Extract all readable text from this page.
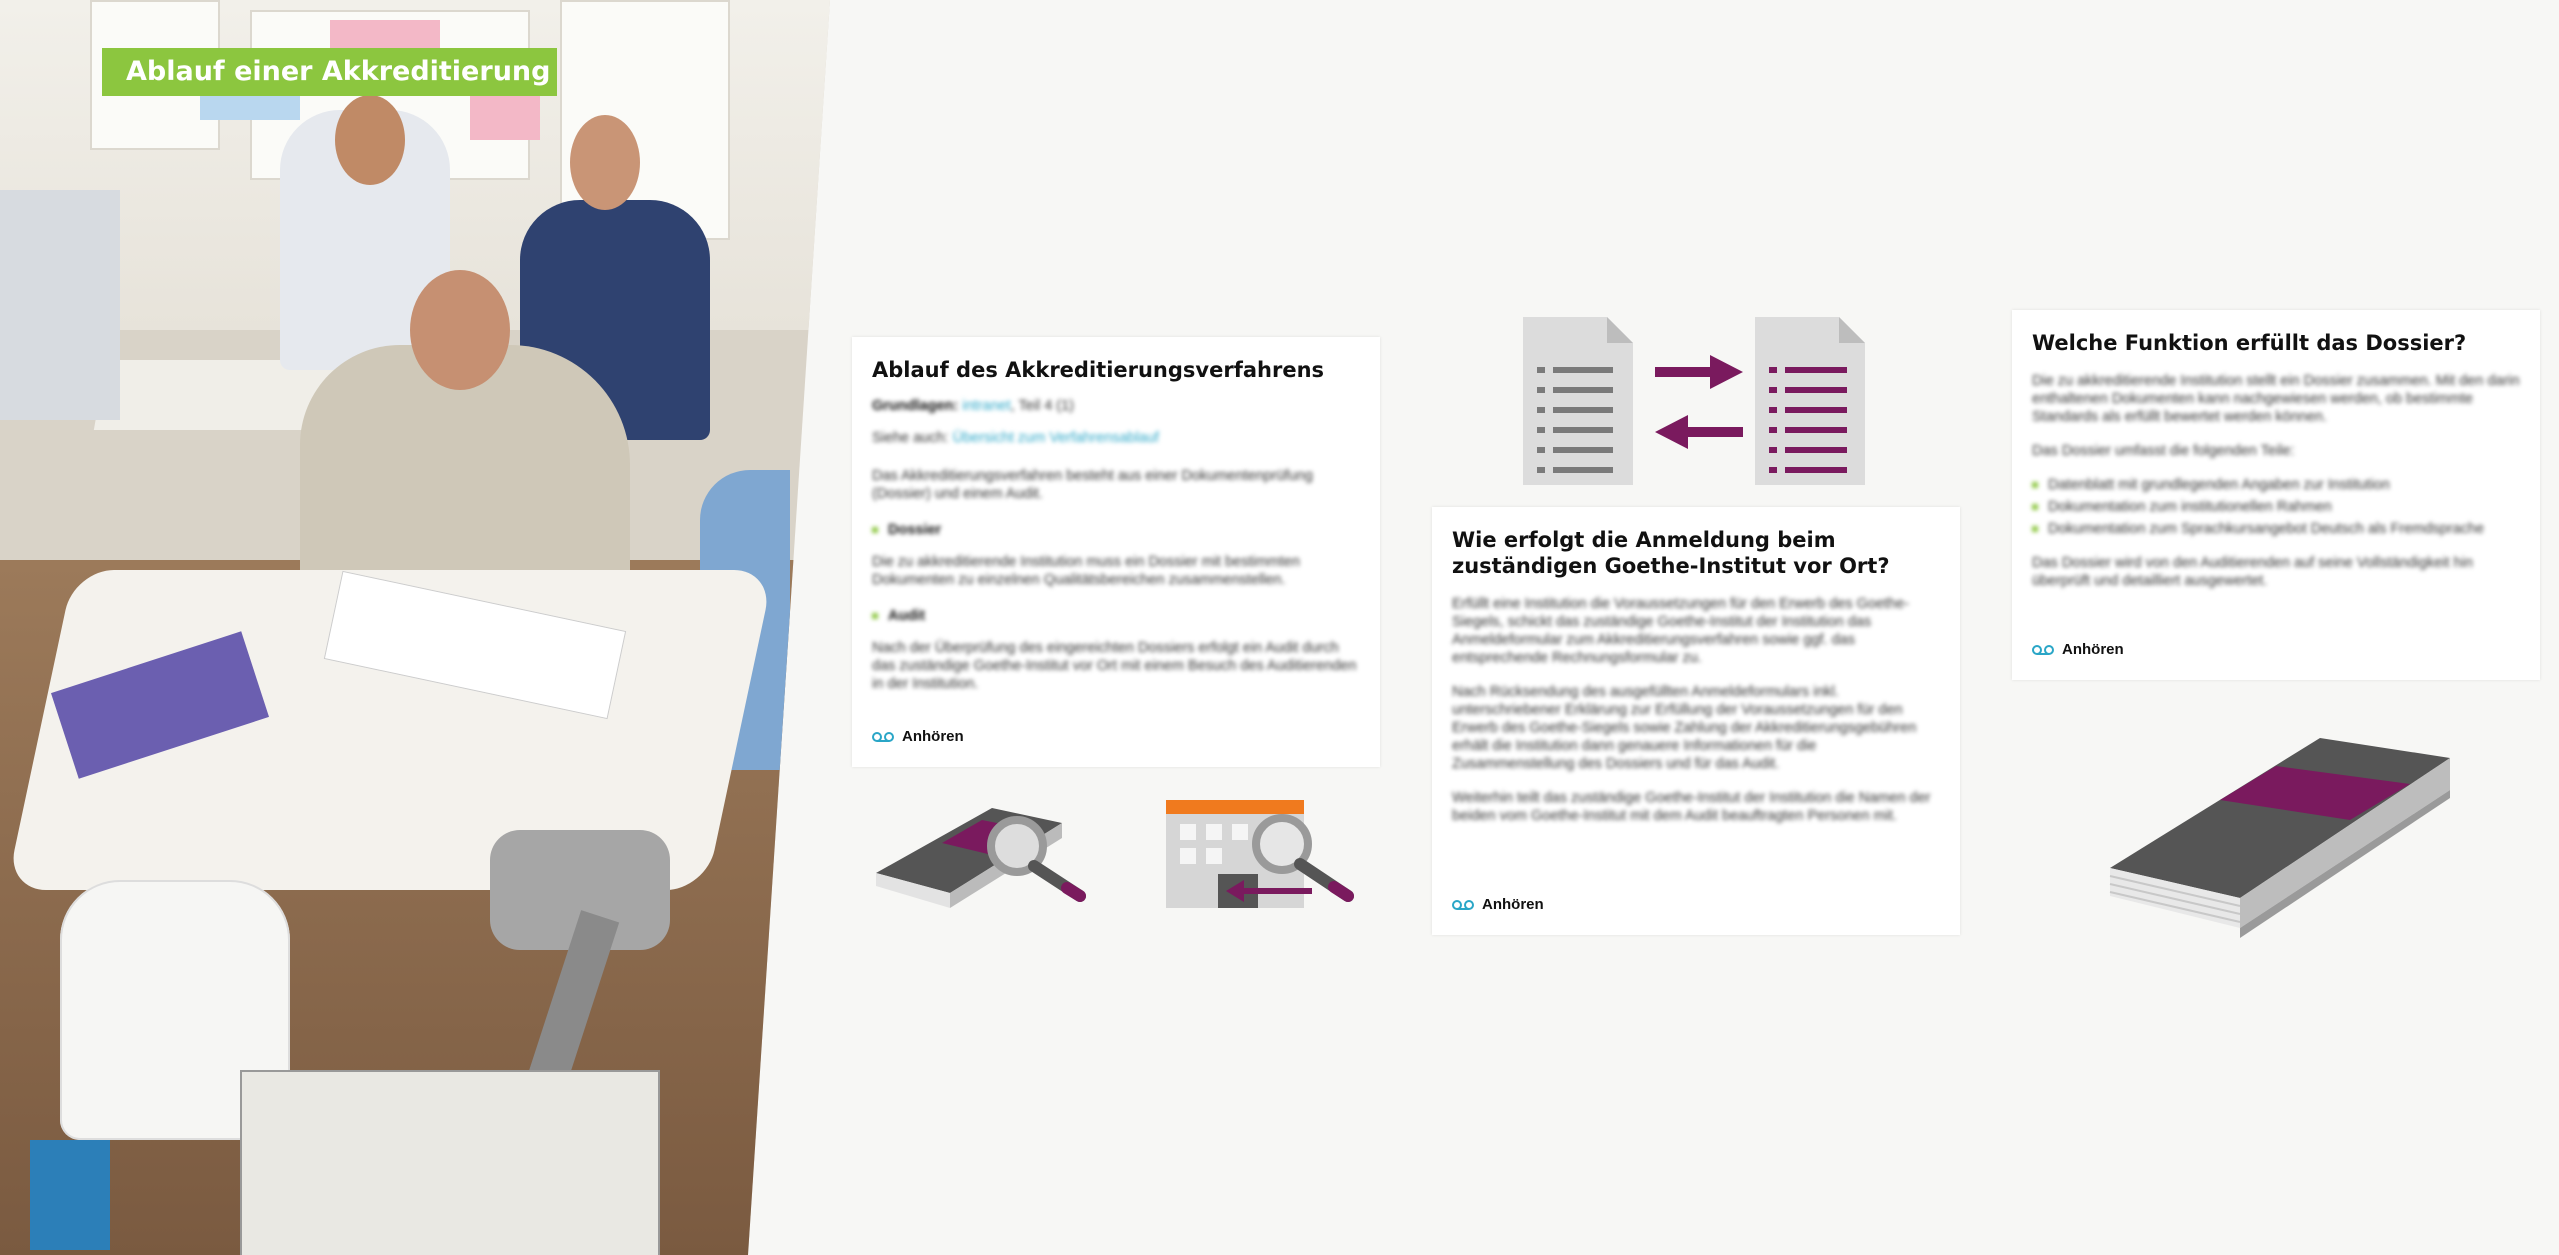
Ablauf einer Akkreditierung
Ablauf des Akkreditierungsverfahrens
Grundlagen: intranet, Teil 4 (1)
Siehe auch: Übersicht zum Verfahrensablauf
Das Akkreditierungsverfahren besteht aus einer Dokumentenprüfung (Dossier) und einem Audit.
Dossier
Die zu akkreditierende Institution muss ein Dossier mit bestimmten Dokumenten zu einzelnen Qualitätsbereichen zusammenstellen.
Audit
Nach der Überprüfung des eingereichten Dossiers erfolgt ein Audit durch das zuständige Goethe-Institut vor Ort mit einem Besuch des Auditierenden in der Institution.
Anhören
Wie erfolgt die Anmeldung beim zuständigen Goethe-Institut vor Ort?
Erfüllt eine Institution die Voraussetzungen für den Erwerb des Goethe-Siegels, schickt das zuständige Goethe-Institut der Institution das Anmeldeformular zum Akkreditierungsverfahren sowie ggf. das entsprechende Rechnungsformular zu.
Nach Rücksendung des ausgefüllten Anmeldeformulars inkl. unterschriebener Erklärung zur Erfüllung der Voraussetzungen für den Erwerb des Goethe-Siegels sowie Zahlung der Akkreditierungsgebühren erhält die Institution dann genauere Informationen für die Zusammenstellung des Dossiers und für das Audit.
Weiterhin teilt das zuständige Goethe-Institut der Institution die Namen der beiden vom Goethe-Institut mit dem Audit beauftragten Personen mit.
Anhören
Welche Funktion erfüllt das Dossier?
Die zu akkreditierende Institution stellt ein Dossier zusammen. Mit den darin enthaltenen Dokumenten kann nachgewiesen werden, ob bestimmte Standards als erfüllt bewertet werden können.
Das Dossier umfasst die folgenden Teile:
Datenblatt mit grundlegenden Angaben zur Institution
Dokumentation zum institutionellen Rahmen
Dokumentation zum Sprachkursangebot Deutsch als Fremdsprache
Das Dossier wird von den Auditierenden auf seine Vollständigkeit hin überprüft und detailliert ausgewertet.
Anhören
